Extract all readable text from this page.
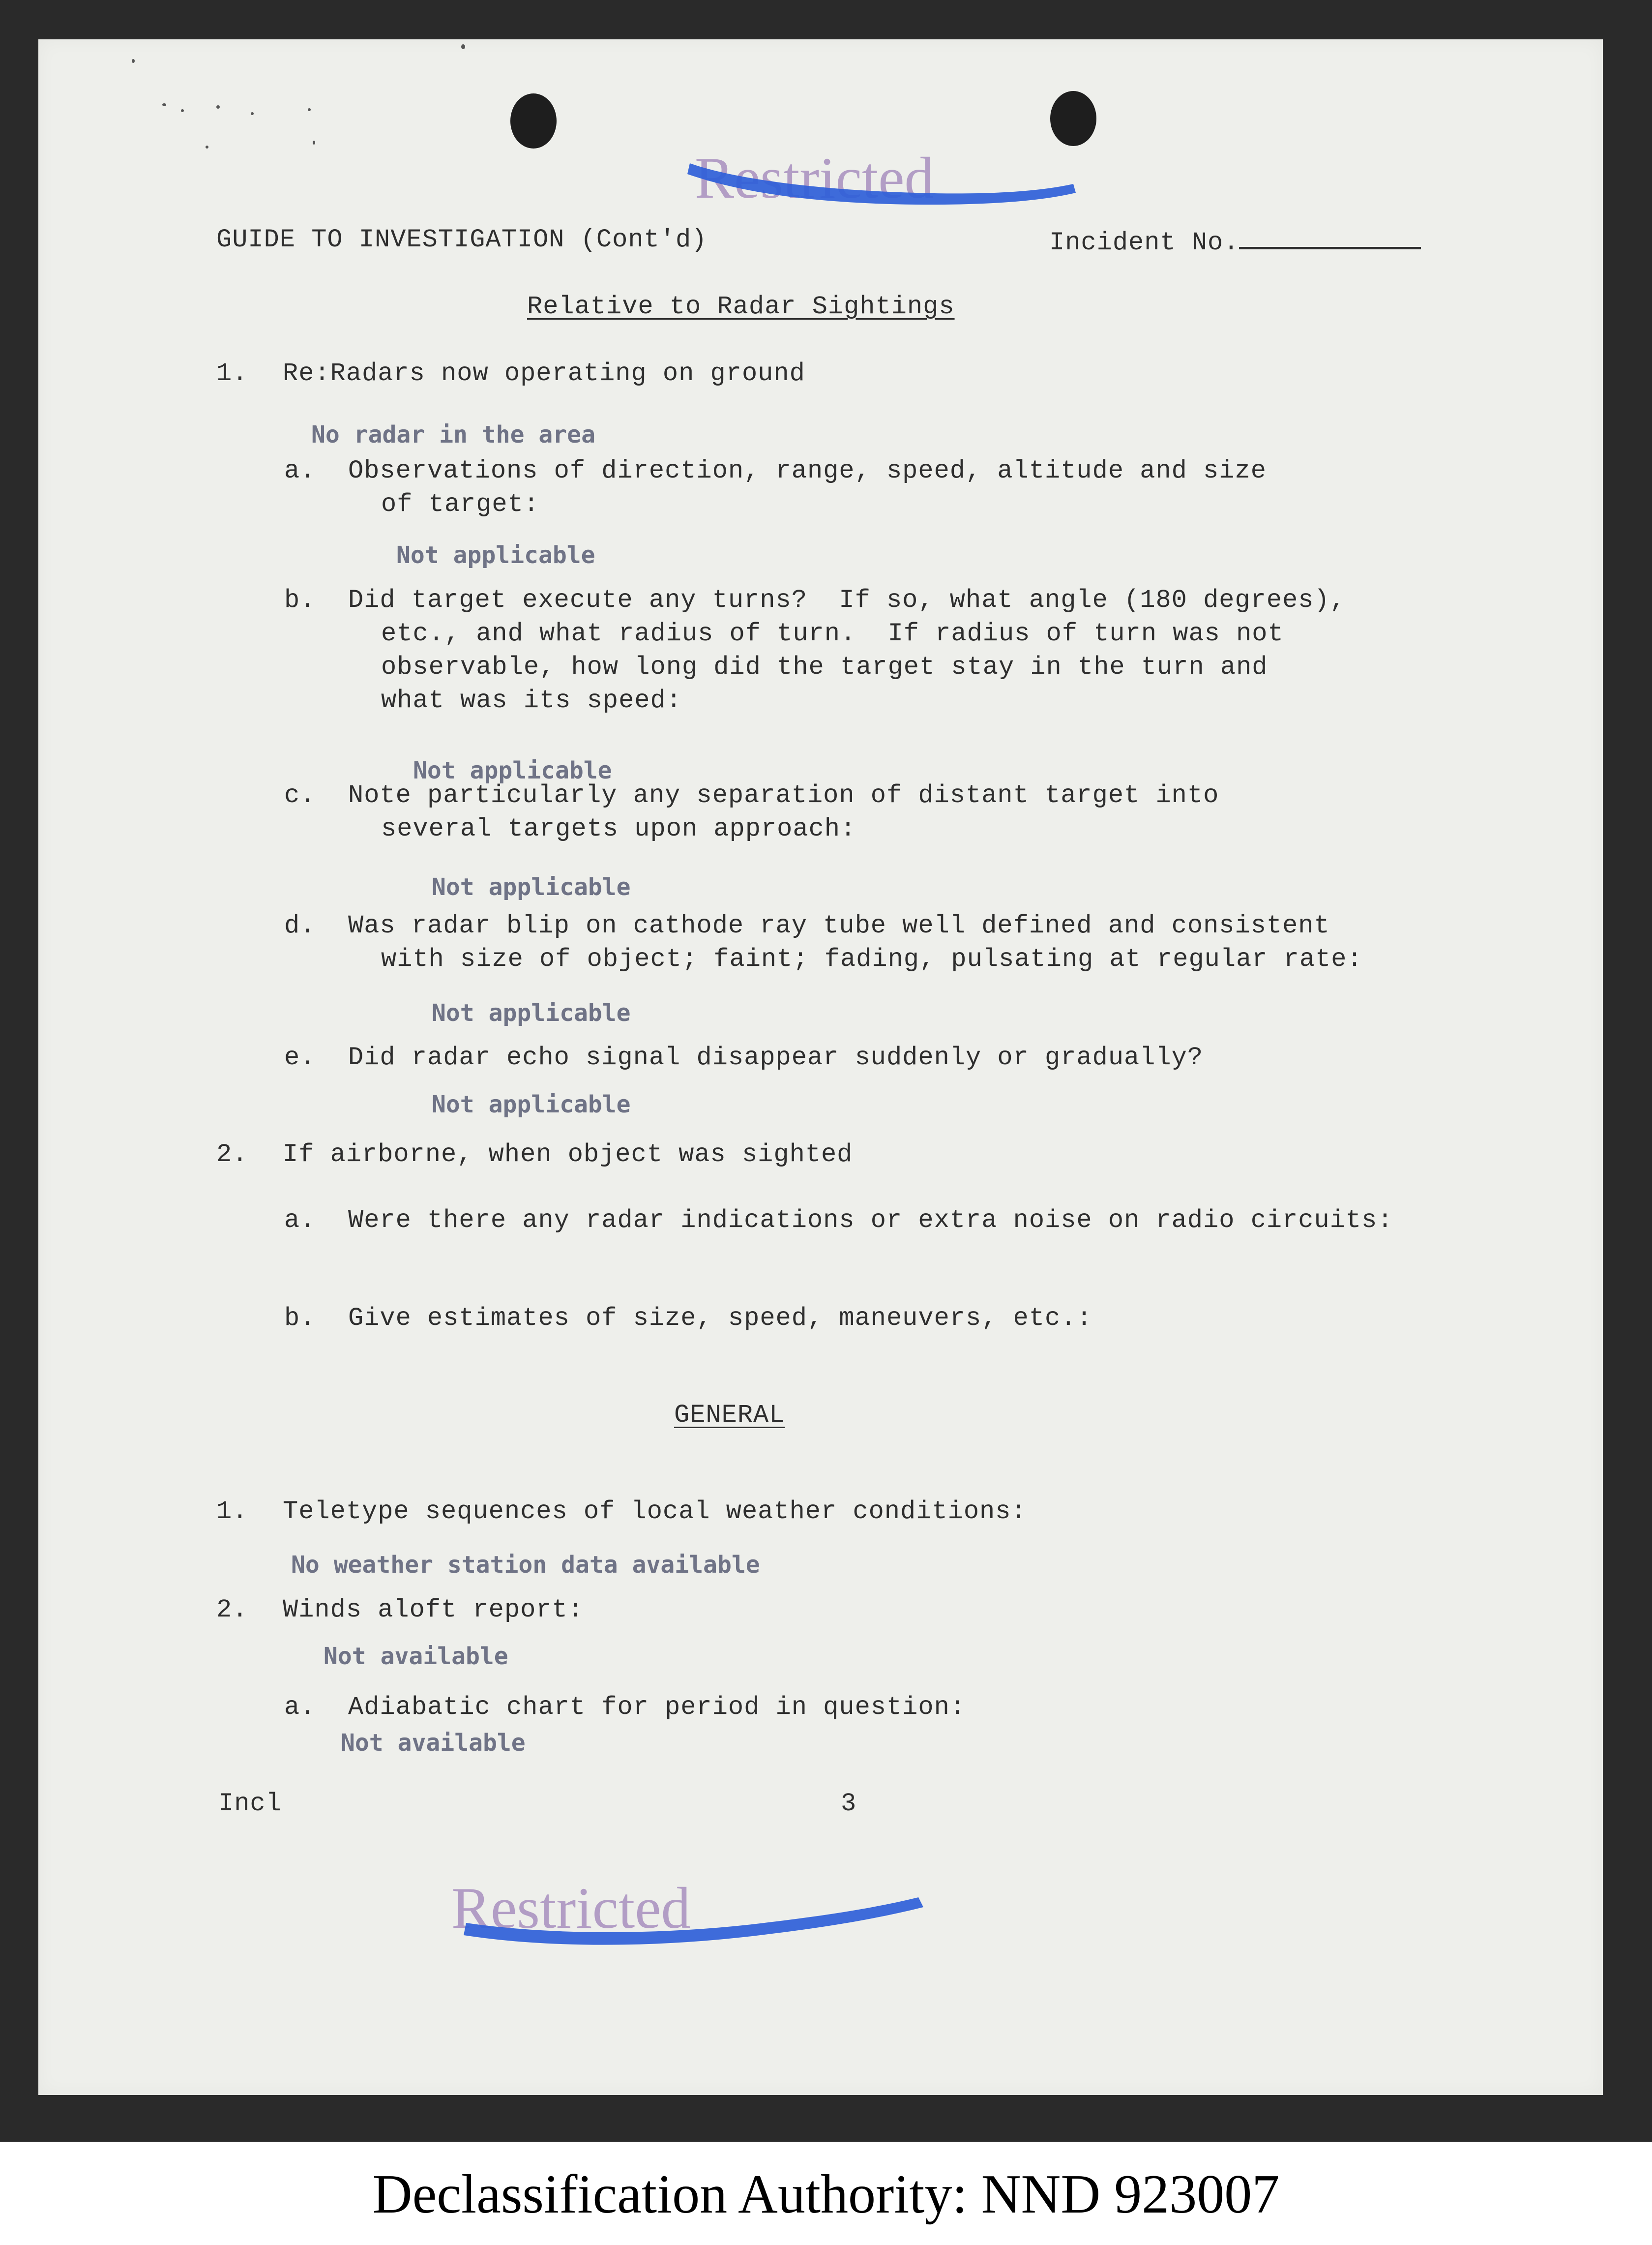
Restricted
GUIDE TO INVESTIGATION (Cont'd)	Incident No.
Relative to Radar Sightings
1. Re:Radars now operating on ground
No radar in the area
a. Observations of direction, range, speed, altitude and size
of target:
Not applicable
b. Did target execute any turns?  If so, what angle (180 degrees),
etc., and what radius of turn.  If radius of turn was not
observable, how long did the target stay in the turn and
what was its speed:
Not applicable
c. Note particularly any separation of distant target into
several targets upon approach:
Not applicable
d. Was radar blip on cathode ray tube well defined and consistent
with size of object; faint; fading, pulsating at regular rate:
Not applicable
e. Did radar echo signal disappear suddenly or gradually?
Not applicable
2. If airborne, when object was sighted
a. Were there any radar indications or extra noise on radio circuits:
b. Give estimates of size, speed, maneuvers, etc.:
GENERAL
1. Teletype sequences of local weather conditions:
No weather station data available
2. Winds aloft report:
Not available
a. Adiabatic chart for period in question:
Not available
Incl	3
Restricted
Declassification Authority: NND 923007
